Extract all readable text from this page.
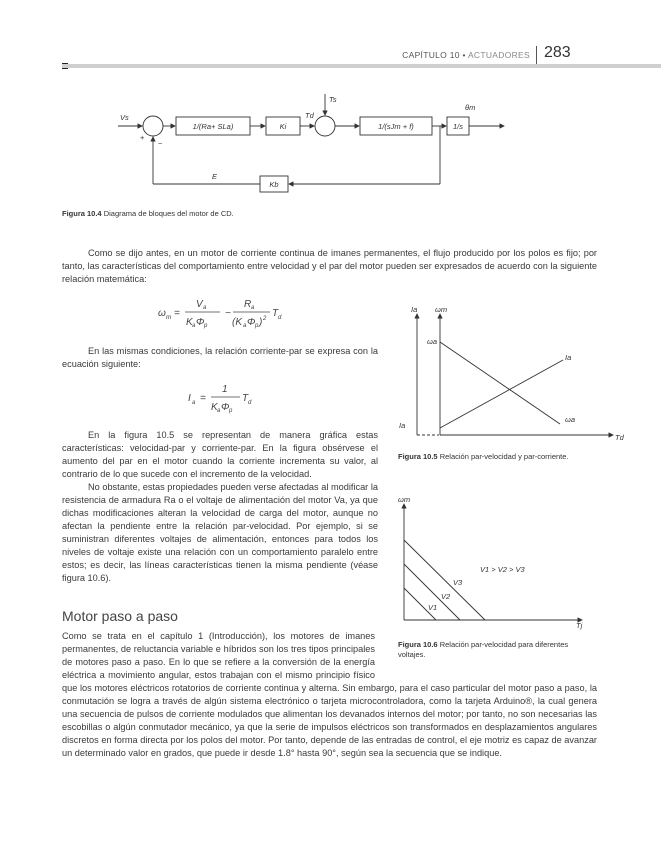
CAPÍTULO 10 • ACTUADORES 283
Vs
+
−
1/(Ra+ SLa)	Ki
Td
Ts
1/(sJm + f)	1/s
θm
E
Kb
Figura 10.4 Diagrama de bloques del motor de CD.
Como se dijo antes, en un motor de corriente continua de imanes permanentes, el flujo producido por los polos es fijo; por tanto, las características del comportamiento entre velocidad y el par del motor pueden ser expresados de acuerdo con la siguiente relación matemática:
ω m =
V a
K a Φ p
−
R a
(K a Φ p ) 2 T d
En las mismas condiciones, la relación corriente-par se expresa con la ecuación siguiente:
I a =
1
K a Φ p
T d
En la figura 10.5 se representan de manera gráfica estas características: velocidad-par y corriente-par. En la figura obsérvese el aumento del par en el motor cuando la corriente incrementa su valor, al contrario de lo que sucede con el incremento de la velocidad.
No obstante, estas propiedades pueden verse afectadas al modificar la resistencia de armadura Ra o el voltaje de alimentación del motor Va, ya que dichas modificaciones alteran la velocidad de carga del motor, aunque no afectan la pendiente entre la relación par-velocidad. Por ejemplo, si se suministran diferentes voltajes de alimentación, entonces para todos los niveles de voltaje existe una relación con un comportamiento paralelo entre estos; es decir, las líneas características tienen la misma pendiente (véase figura 10.6).
Ia ωm
ωa
Ia
Ia
ωa
Td
Figura 10.5 Relación par-velocidad y par-corriente.
ωm
Tj
V1 > V2 > V3
V3
V2
V1
Figura 10.6 Relación par-velocidad para diferentes voltajes.
Motor paso a paso
Como se trata en el capítulo 1 (Introducción), los motores de imanes permanentes, de reluctancia variable e híbridos son los tres tipos principales de motores paso a paso. En lo que se refiere a la conversión de la energía eléctrica a movimiento angular, estos trabajan con el mismo principio físico que los motores eléctricos rotatorios de corriente continua y alterna. Sin embargo, para el caso particular del motor paso a paso, la conmutación se logra a través de algún sistema electrónico o tarjeta microcontroladora, como la tarjeta Arduino®, la cual genera una secuencia de pulsos de corriente modulados que alimentan los devanados internos del motor; por tanto, no son necesarias las escobillas o algún conmutador mecánico, ya que la serie de impulsos eléctricos son transformados en desplazamientos angulares discretos en forma directa por los polos del motor. Por tanto, depende de las entradas de control, el eje motriz es capaz de avanzar un determinado valor en grados, que puede ir desde 1.8° hasta 90°, según sea la secuencia que se indique.
